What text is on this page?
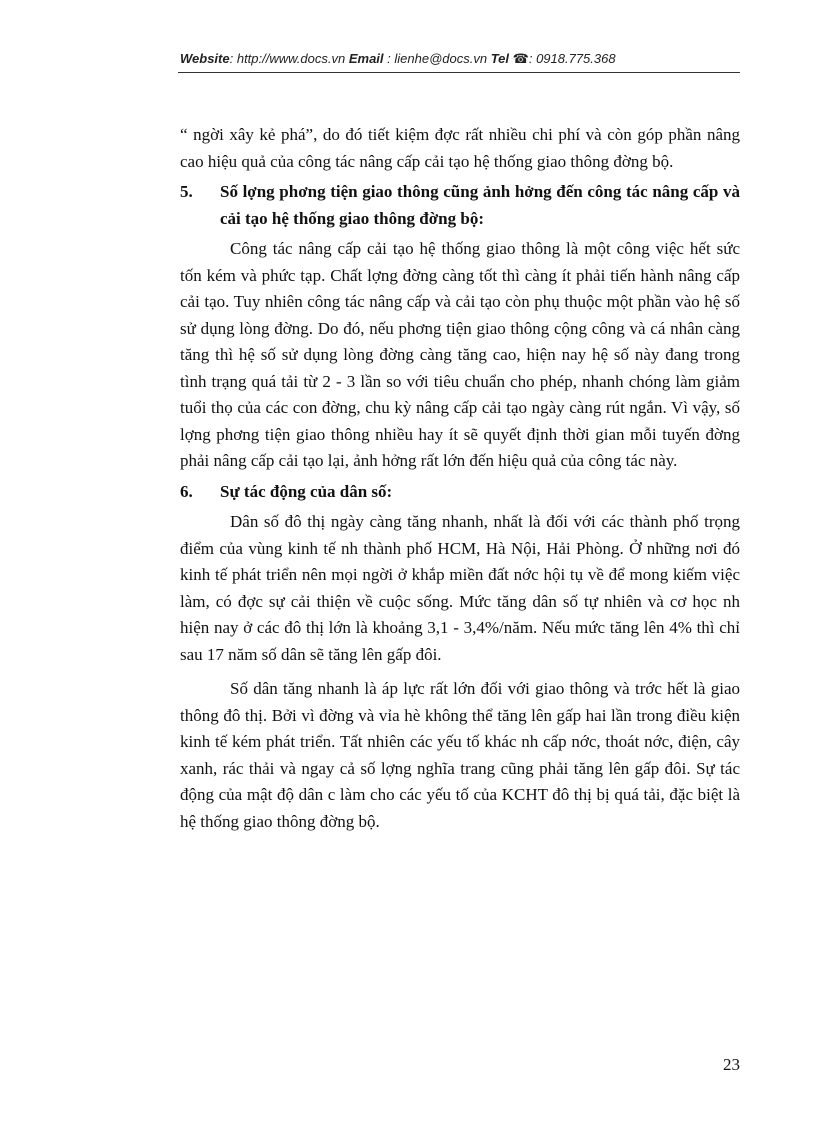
Website: http://www.docs.vn Email : lienhe@docs.vn Tel ☎: 0918.775.368

“ ngời xây kẻ phá”, do đó tiết kiệm đợc rất nhiều chi phí và còn góp phần nâng cao hiệu quả của công tác nâng cấp cải tạo hệ thống giao thông đờng bộ.

5.	Số lợng phơng tiện giao thông cũng ảnh hởng đến công tác nâng cấp và cải tạo hệ thống giao thông đờng bộ:

Công tác nâng cấp cải tạo hệ thống giao thông là một công việc hết sức tốn kém và phức tạp. Chất lợng đờng càng tốt thì càng ít phải tiến hành nâng cấp cải tạo. Tuy nhiên công tác nâng cấp và cải tạo còn phụ thuộc một phần vào hệ số sử dụng lòng đờng. Do đó, nếu phơng tiện giao thông cộng công và cá nhân càng tăng thì hệ số sử dụng lòng đờng càng tăng cao, hiện nay hệ số này đang trong tình trạng quá tải từ 2 - 3 lần so với tiêu chuẩn cho phép, nhanh chóng làm giảm tuổi thọ của các con đờng, chu kỳ nâng cấp cải tạo ngày càng rút ngắn. Vì vậy, số lợng phơng tiện giao thông nhiều hay ít sẽ quyết định thời gian mỗi tuyến đờng phải nâng cấp cải tạo lại, ảnh hởng rất lớn đến hiệu quả của công tác này.

6.	Sự tác động của dân số:

Dân số đô thị ngày càng tăng nhanh, nhất là đối với các thành phố trọng điểm của vùng kinh tế nh thành phố HCM, Hà Nội, Hải Phòng. Ở những nơi đó kinh tế phát triển nên mọi ngời ở khắp miền đất nớc hội tụ về để mong kiếm việc làm, có đợc sự cải thiện về cuộc sống. Mức tăng dân số tự nhiên và cơ học nh hiện nay ở các đô thị lớn là khoảng 3,1 - 3,4%/năm. Nếu mức tăng lên 4% thì chỉ sau 17 năm số dân sẽ tăng lên gấp đôi.

Số dân tăng nhanh là áp lực rất lớn đối với giao thông và trớc hết là giao thông đô thị. Bởi vì đờng và vỉa hè không thể tăng lên gấp hai lần trong điều kiện kinh tế kém phát triển. Tất nhiên các yếu tố khác nh cấp nớc, thoát nớc, điện, cây xanh, rác thải và ngay cả số lợng nghĩa trang cũng phải tăng lên gấp đôi. Sự tác động của mật độ dân c làm cho các yếu tố của KCHT đô thị bị quá tải, đặc biệt là hệ thống giao thông đờng bộ.

23
